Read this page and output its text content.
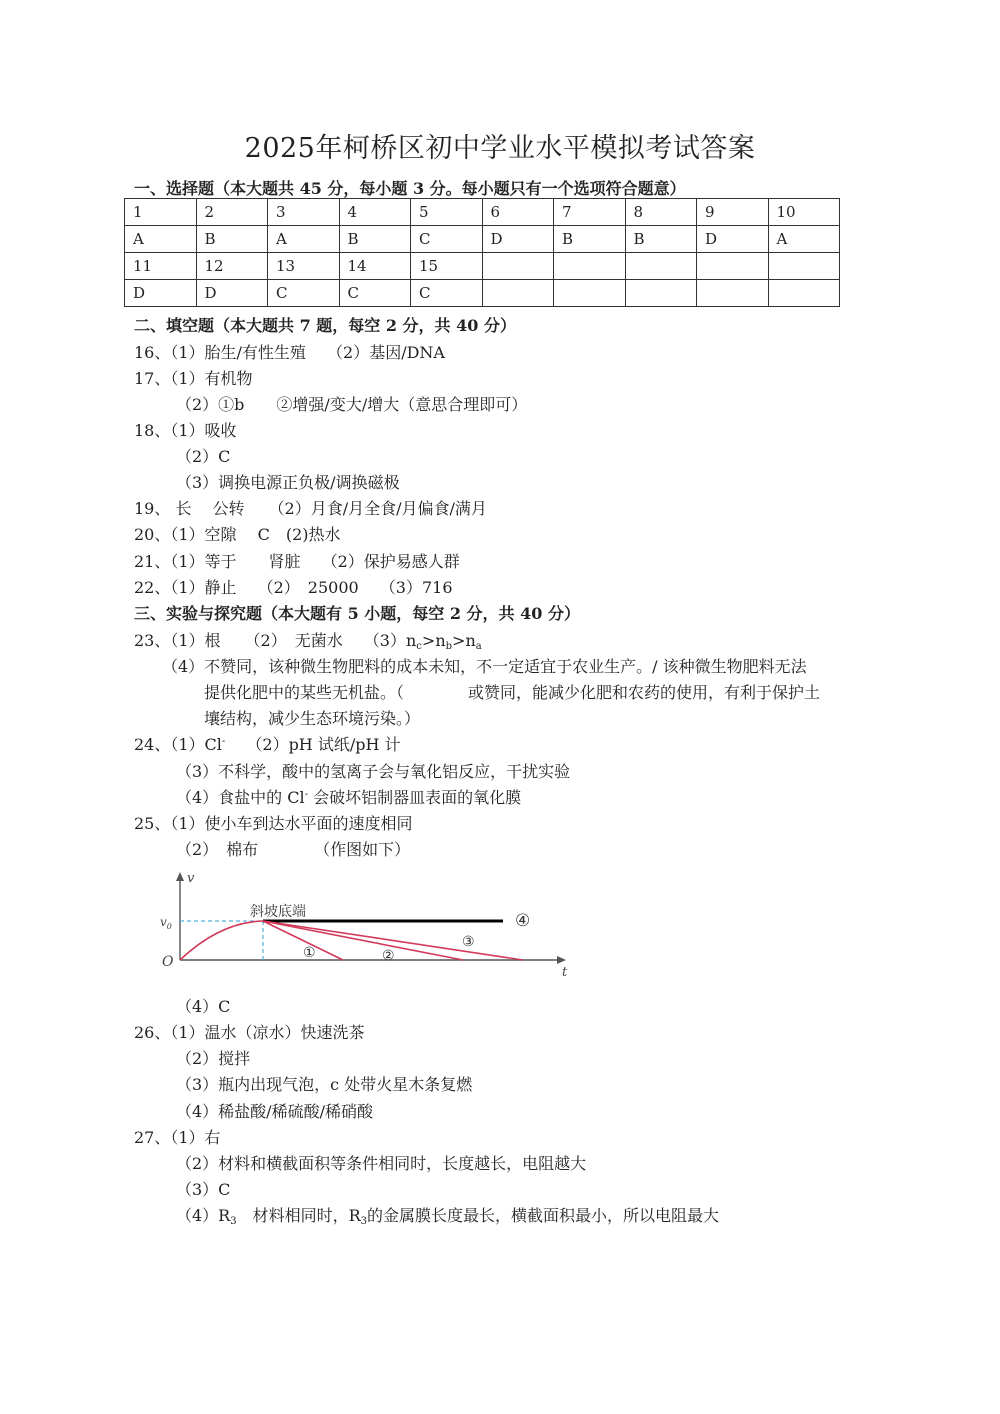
2025年柯桥区初中学业水平模拟考试答案
一、选择题（本大题共 45 分，每小题 3 分。每小题只有一个选项符合题意）
1	2	3	4	5	6	7	8	9	10
A	B	A	B	C	D	B	B	D	A
11	12	13	14	15					
D	D	C	C	C					
二、填空题（本大题共 7 题，每空 2 分，共 40 分）
16、（1）胎生/有性生殖　 （2）基因/DNA
17、（1）有机物
（2）①b　　②增强/变大/增大（意思合理即可）
18、（1）吸收
（2）C
（3）调换电源正负极/调换磁极
19、 长　 公转　　（2）月食/月全食/月偏食/满月
20、（1）空隙　 C　(2)热水
21、（1）等于　　肾脏　 （2）保护易感人群
22、（1）静止　 （2）　25000　 （3）716
三、实验与探究题（本大题有 5 小题，每空 2 分，共 40 分）
23、（1）根　　（2）　无菌水　 $(3)n_c>n_b>n_a$
（4）不赞同，该种微生物肥料的成本未知，不一定适宜于农业生产。/ 该种微生物肥料无法
提供化肥中的某些无机盐。（　　　　或赞同，能减少化肥和农药的使用，有利于保护土
壤结构，减少生态环境污染。）
24、（1）Cl-　 （2）pH 试纸/pH 计
（3）不科学，酸中的氢离子会与氧化铝反应，干扰实验
（4）食盐中的 Cl- 会破坏铝制器皿表面的氧化膜
25、（1）使小车到达水平面的速度相同
（2）　棉布　　　　（作图如下）
v
t
O
$v_0$
斜坡底端
①	②
③
④
（4）C
26、（1）温水（凉水）快速洗茶
（2）搅拌
（3）瓶内出现气泡，c 处带火星木条复燃
（4）稀盐酸/稀硫酸/稀硝酸
27、（1）右
（2）材料和横截面积等条件相同时，长度越长，电阻越大
（3）C
$(4)R_3$　材料相同时，$R_3$的金属膜长度最长，横截面积最小，所以电阻最大
